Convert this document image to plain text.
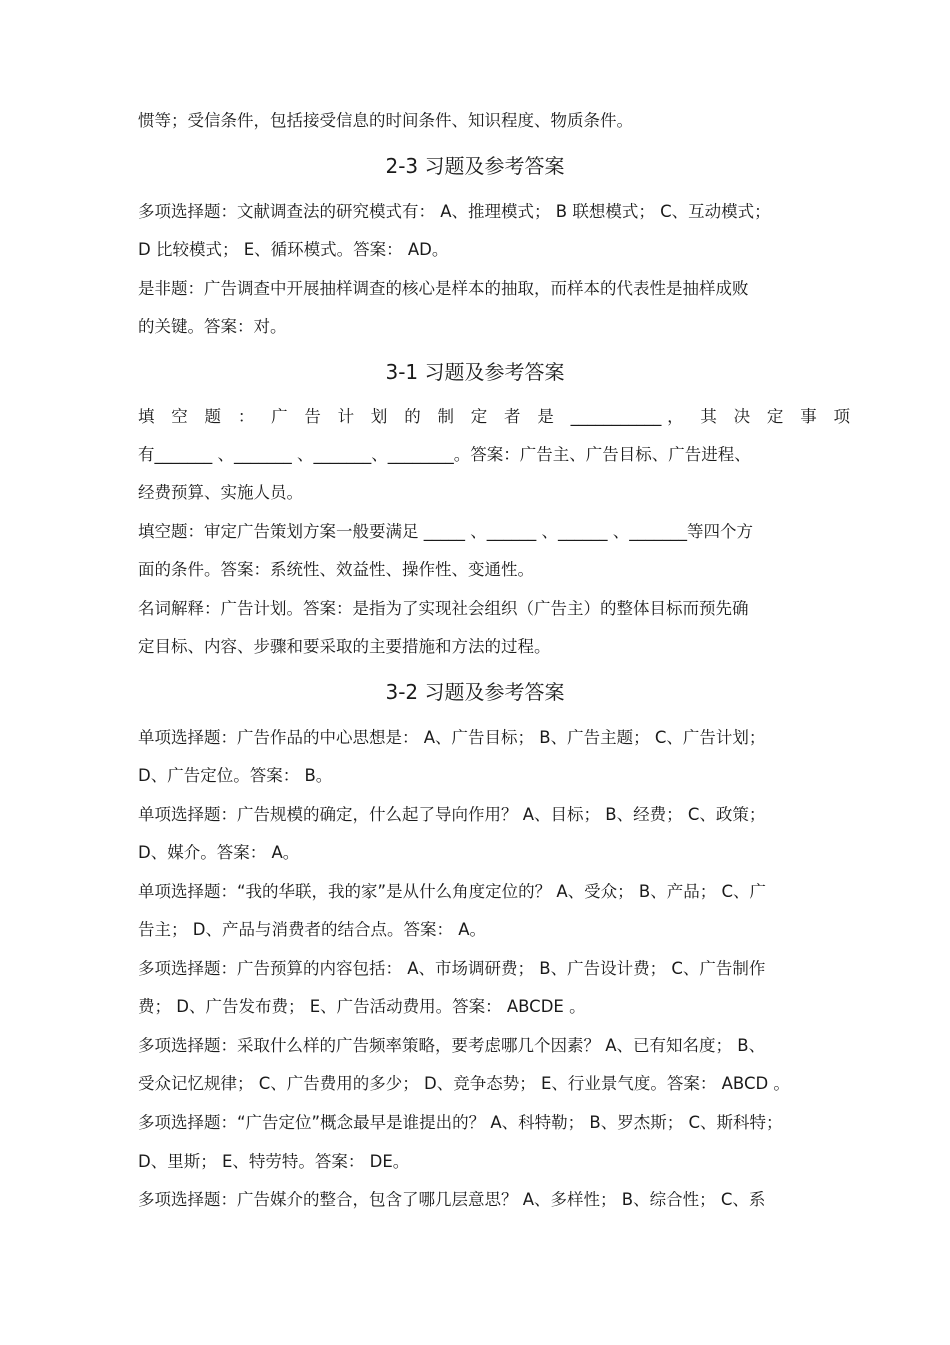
惯等；受信条件，包括接受信息的时间条件、知识程度、物质条件。
2-3 习题及参考答案
多项选择题：文献调查法的研究模式有： A、推理模式； B 联想模式； C、互动模式；
D 比较模式； E、循环模式。答案： AD。
是非题：广告调查中开展抽样调查的核心是样本的抽取，而样本的代表性是抽样成败
的关键。答案：对。
3-1 习题及参考答案
填 空 题 ： 广 告 计 划 的 制 定 者 是 ___________， 其 决 定 事 项
有_______ 、_______ 、_______、________。答案：广告主、广告目标、广告进程、
经费预算、实施人员。
填空题：审定广告策划方案一般要满足 _____ 、______ 、______ 、_______等四个方
面的条件。答案：系统性、效益性、操作性、变通性。
名词解释：广告计划。答案：是指为了实现社会组织（广告主）的整体目标而预先确
定目标、内容、步骤和要采取的主要措施和方法的过程。
3-2 习题及参考答案
单项选择题：广告作品的中心思想是： A、广告目标； B、广告主题； C、广告计划；
D、广告定位。答案： B。
单项选择题：广告规模的确定，什么起了导向作用？ A、目标； B、经费； C、政策；
D、媒介。答案： A。
单项选择题：“我的华联，我的家”是从什么角度定位的？ A、受众； B、产品； C、广
告主； D、产品与消费者的结合点。答案： A。
多项选择题：广告预算的内容包括： A、市场调研费； B、广告设计费； C、广告制作
费； D、广告发布费； E、广告活动费用。答案： ABCDE 。
多项选择题：采取什么样的广告频率策略，要考虑哪几个因素？ A、已有知名度； B、
受众记忆规律； C、广告费用的多少； D、竞争态势； E、行业景气度。答案： ABCD 。
多项选择题：“广告定位”概念最早是谁提出的？ A、科特勒； B、罗杰斯； C、斯科特；
D、里斯； E、特劳特。答案： DE。
多项选择题：广告媒介的整合，包含了哪几层意思？ A、多样性； B、综合性； C、系
